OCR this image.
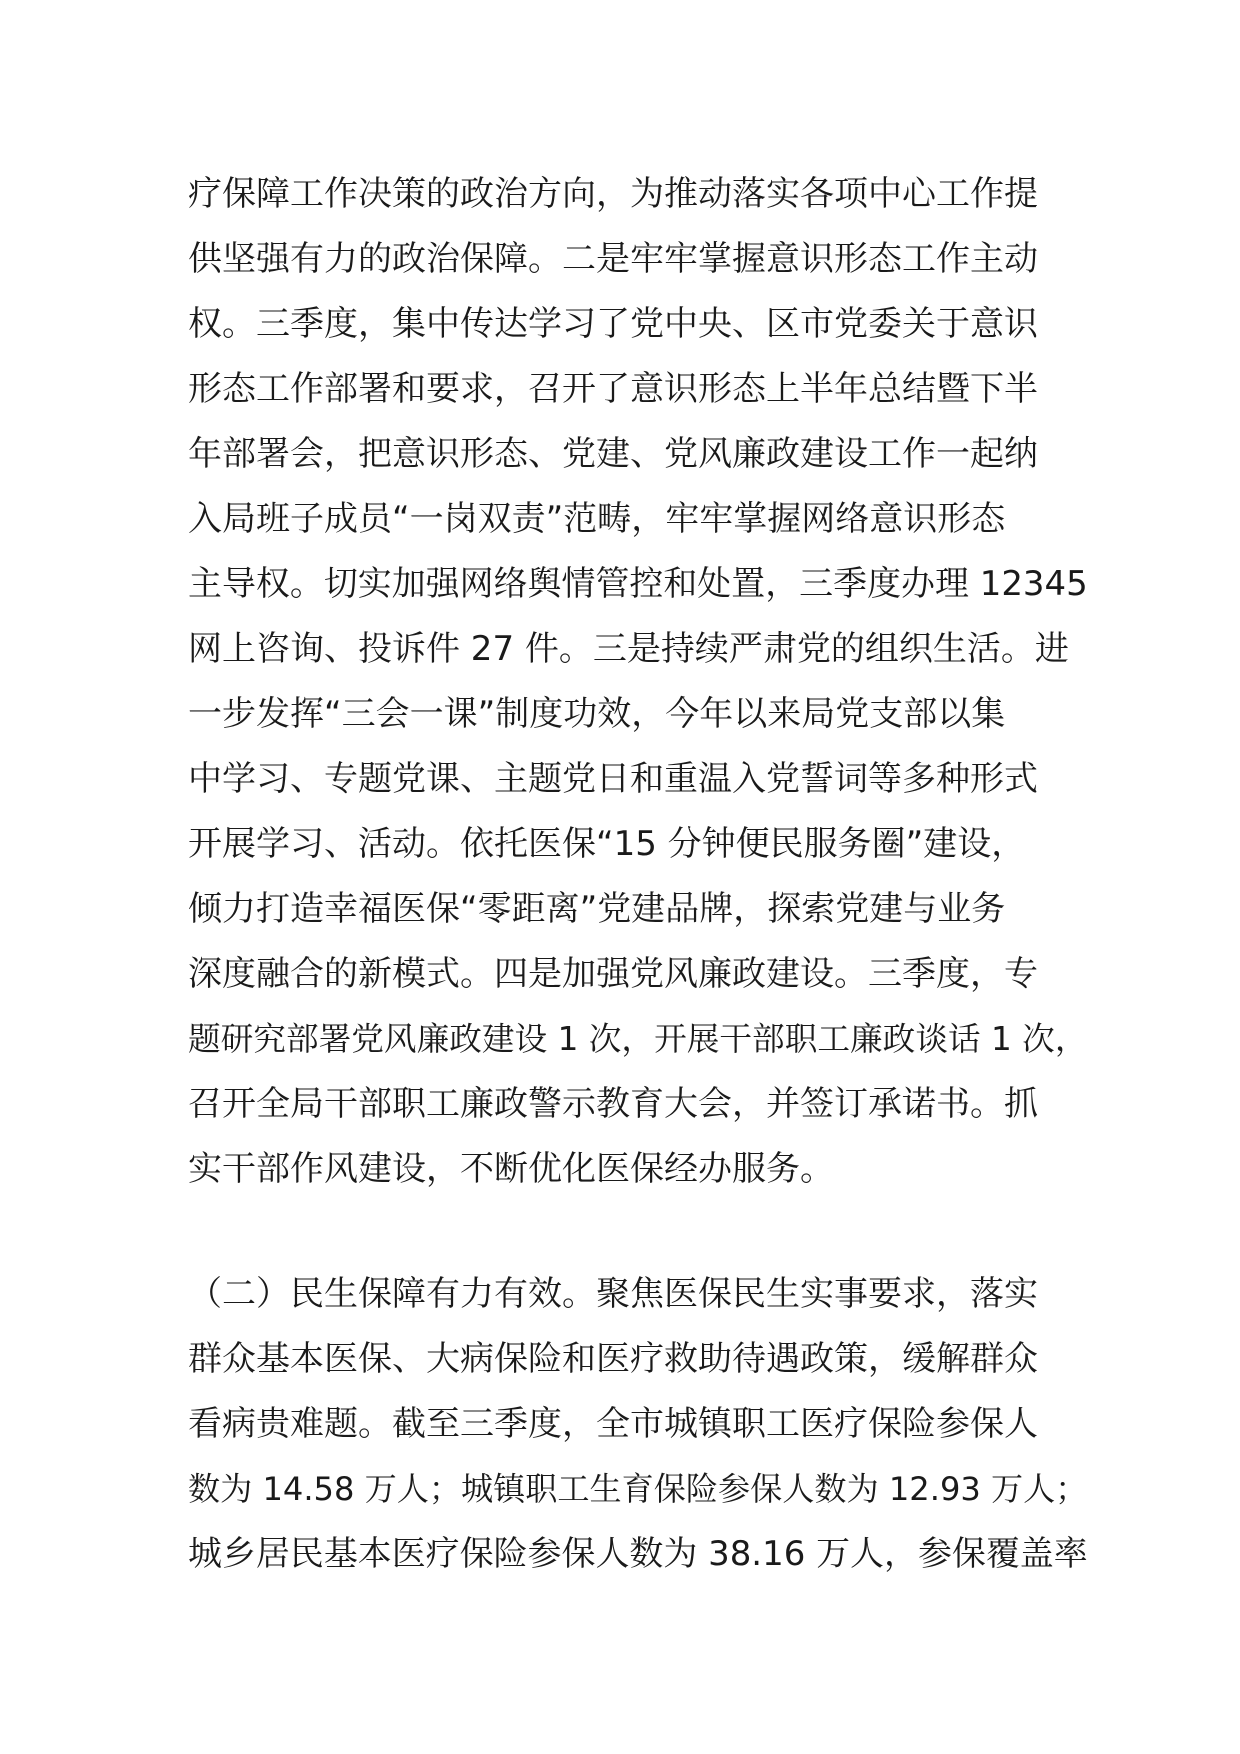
疗保障工作决策的政治方向，为推动落实各项中心工作提
供坚强有力的政治保障。二是牢牢掌握意识形态工作主动
权。三季度，集中传达学习了党中央、区市党委关于意识
形态工作部署和要求，召开了意识形态上半年总结暨下半
年部署会，把意识形态、党建、党风廉政建设工作一起纳
入局班子成员“一岗双责”范畴，牢牢掌握网络意识形态
主导权。切实加强网络舆情管控和处置，三季度办理 12345
网上咨询、投诉件 27 件。三是持续严肃党的组织生活。进
一步发挥“三会一课”制度功效，今年以来局党支部以集
中学习、专题党课、主题党日和重温入党誓词等多种形式
开展学习、活动。依托医保“15 分钟便民服务圈”建设，
倾力打造幸福医保“零距离”党建品牌，探索党建与业务
深度融合的新模式。四是加强党风廉政建设。三季度，专
题研究部署党风廉政建设 1 次，开展干部职工廉政谈话 1 次，
召开全局干部职工廉政警示教育大会，并签订承诺书。抓
实干部作风建设，不断优化医保经办服务。
（二）民生保障有力有效。聚焦医保民生实事要求，落实
群众基本医保、大病保险和医疗救助待遇政策，缓解群众
看病贵难题。截至三季度，全市城镇职工医疗保险参保人
数为 14.58 万人；城镇职工生育保险参保人数为 12.93 万人；
城乡居民基本医疗保险参保人数为 38.16 万人，参保覆盖率
